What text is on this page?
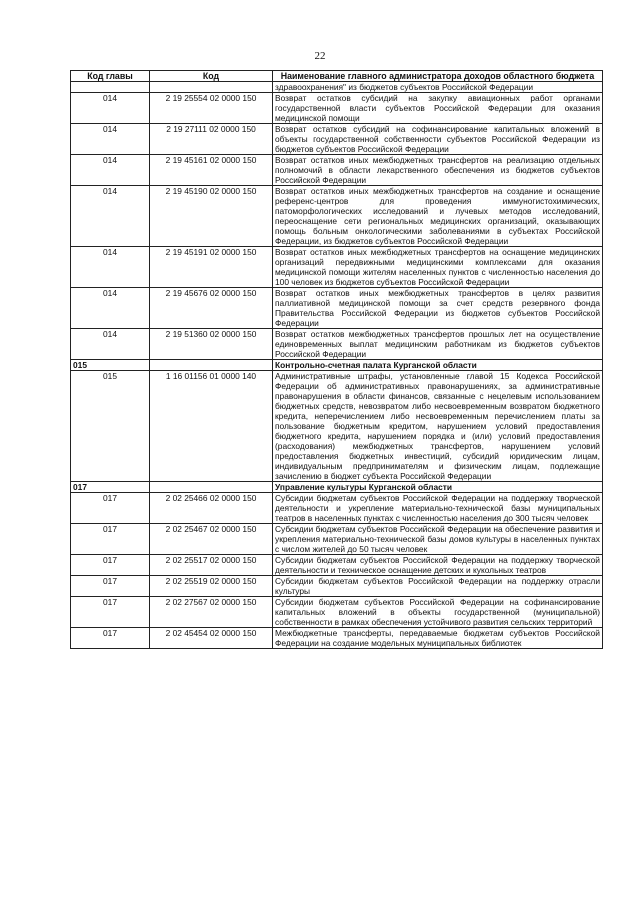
22
Код главы	Код	Наименование главного администратора доходов областного бюджета
		здравоохранения" из бюджетов субъектов Российской Федерации
014	2 19 25554 02 0000 150	Возврат остатков субсидий на закупку авиационных работ органами государственной власти субъектов Российской Федерации для оказания медицинской помощи
014	2 19 27111 02 0000 150	Возврат остатков субсидий на софинансирование капитальных вложений в объекты государственной собственности субъектов Российской Федерации из бюджетов субъектов Российской Федерации
014	2 19 45161 02 0000 150	Возврат остатков иных межбюджетных трансфертов на реализацию отдельных полномочий в области лекарственного обеспечения из бюджетов субъектов Российской Федерации
014	2 19 45190 02 0000 150	Возврат остатков иных межбюджетных трансфертов на создание и оснащение референс-центров для проведения иммуногистохимических, патоморфологических исследований и лучевых методов исследований, переоснащение сети региональных медицинских организаций, оказывающих помощь больным онкологическими заболеваниями в субъектах Российской Федерации, из бюджетов субъектов Российской Федерации
014	2 19 45191 02 0000 150	Возврат остатков иных межбюджетных трансфертов на оснащение медицинских организаций передвижными медицинскими комплексами для оказания медицинской помощи жителям населенных пунктов с численностью населения до 100 человек из бюджетов субъектов Российской Федерации
014	2 19 45676 02 0000 150	Возврат остатков иных межбюджетных трансфертов в целях развития паллиативной медицинской помощи за счет средств резервного фонда Правительства Российской Федерации из бюджетов субъектов Российской Федерации
014	2 19 51360 02 0000 150	Возврат остатков межбюджетных трансфертов прошлых лет на осуществление единовременных выплат медицинским работникам из бюджетов субъектов Российской Федерации
015		Контрольно-счетная палата Курганской области
015	1 16 01156 01 0000 140	Административные штрафы, установленные главой 15 Кодекса Российской Федерации об административных правонарушениях, за административные правонарушения в области финансов, связанные с нецелевым использованием бюджетных средств, невозвратом либо несвоевременным возвратом бюджетного кредита, неперечислением либо несвоевременным перечислением платы за пользование бюджетным кредитом, нарушением условий предоставления бюджетного кредита, нарушением порядка и (или) условий предоставления (расходования) межбюджетных трансфертов, нарушением условий предоставления бюджетных инвестиций, субсидий юридическим лицам, индивидуальным предпринимателям и физическим лицам, подлежащие зачислению в бюджет субъекта Российской Федерации
017		Управление культуры Курганской области
017	2 02 25466 02 0000 150	Субсидии бюджетам субъектов Российской Федерации на поддержку творческой деятельности и укрепление материально-технической базы муниципальных театров в населенных пунктах с численностью населения до 300 тысяч человек
017	2 02 25467 02 0000 150	Субсидии бюджетам субъектов Российской Федерации на обеспечение развития и укрепления материально-технической базы домов культуры в населенных пунктах с числом жителей до 50 тысяч человек
017	2 02 25517 02 0000 150	Субсидии бюджетам субъектов Российской Федерации на поддержку творческой деятельности и техническое оснащение детских и кукольных театров
017	2 02 25519 02 0000 150	Субсидии бюджетам субъектов Российской Федерации на поддержку отрасли культуры
017	2 02 27567 02 0000 150	Субсидии бюджетам субъектов Российской Федерации на софинансирование капитальных вложений в объекты государственной (муниципальной) собственности в рамках обеспечения устойчивого развития сельских территорий
017	2 02 45454 02 0000 150	Межбюджетные трансферты, передаваемые бюджетам субъектов Российской Федерации на создание модельных муниципальных библиотек
